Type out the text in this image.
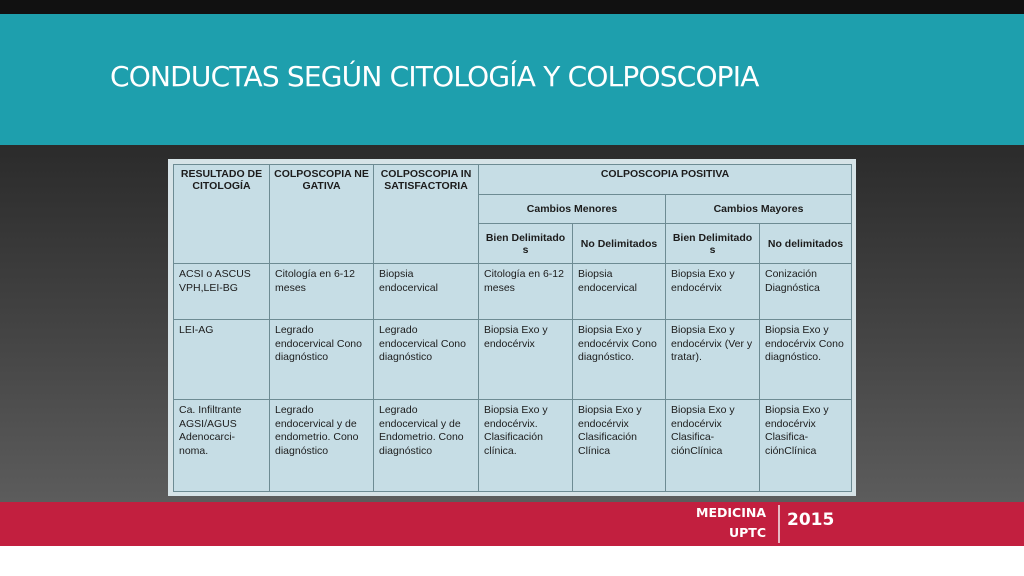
CONDUCTAS SEGÚN CITOLOGÍA Y COLPOSCOPIA
RESULTADO DE CITOLOGÍA	COLPOSCOPIA NEGATIVA	COLPOSCOPIA INSATISFACTORIA	COLPOSCOPIA POSITIVA			
			Cambios Menores		Cambios Mayores	
			Bien Delimitados	No Delimitados	Bien Delimitados	No delimitados
ACSI o ASCUS VPH,LEI-BG	Citología en 6-12 meses	Biopsia endocervical	Citología en 6-12 meses	Biopsia endocervical	Biopsia Exo y endocérvix	Conización Diagnóstica
LEI-AG	Legrado endocervical Cono diagnóstico	Legrado endocervical Cono diagnóstico	Biopsia Exo y endocérvix	Biopsia Exo y endocérvix Cono diagnóstico.	Biopsia Exo y endocérvix (Ver y tratar).	Biopsia Exo y endocérvix Cono diagnóstico.
Ca. Infiltrante AGSI/AGUS Adenocarci-noma.	Legrado endocervical y de endometrio. Cono diagnóstico	Legrado endocervical y de Endometrio. Cono diagnóstico	Biopsia Exo y endocérvix. Clasificación clínica.	Biopsia Exo y endocérvix Clasificación Clínica	Biopsia Exo y endocérvix Clasifica-ciónClínica	Biopsia Exo y endocérvix Clasifica-ciónClínica
MEDICINA
UPTC
2015
